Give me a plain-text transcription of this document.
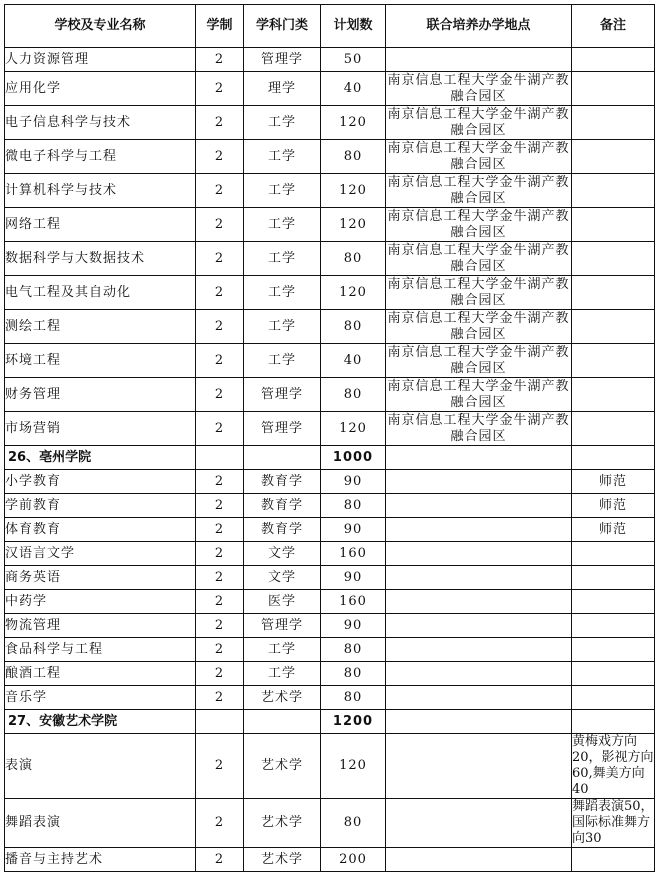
学校及专业名称	学制	学科门类	计划数	联合培养办学地点	备注
人力资源管理	2	管理学	50		
应用化学	2	理学	40	南京信息工程大学金牛湖产教融合园区	
电子信息科学与技术	2	工学	120	南京信息工程大学金牛湖产教融合园区	
微电子科学与工程	2	工学	80	南京信息工程大学金牛湖产教融合园区	
计算机科学与技术	2	工学	120	南京信息工程大学金牛湖产教融合园区	
网络工程	2	工学	120	南京信息工程大学金牛湖产教融合园区	
数据科学与大数据技术	2	工学	80	南京信息工程大学金牛湖产教融合园区	
电气工程及其自动化	2	工学	120	南京信息工程大学金牛湖产教融合园区	
测绘工程	2	工学	80	南京信息工程大学金牛湖产教融合园区	
环境工程	2	工学	40	南京信息工程大学金牛湖产教融合园区	
财务管理	2	管理学	80	南京信息工程大学金牛湖产教融合园区	
市场营销	2	管理学	120	南京信息工程大学金牛湖产教融合园区	
26、亳州学院			1000		
小学教育	2	教育学	90		师范
学前教育	2	教育学	80		师范
体育教育	2	教育学	90		师范
汉语言文学	2	文学	160		
商务英语	2	文学	90		
中药学	2	医学	160		
物流管理	2	管理学	90		
食品科学与工程	2	工学	80		
酿酒工程	2	工学	80		
音乐学	2	艺术学	80		
27、安徽艺术学院			1200		
表演	2	艺术学	120		黄梅戏方向20，影视方向 60,舞美方向40
舞蹈表演	2	艺术学	80		舞蹈表演50，国际标准舞方向30
播音与主持艺术	2	艺术学	200		
